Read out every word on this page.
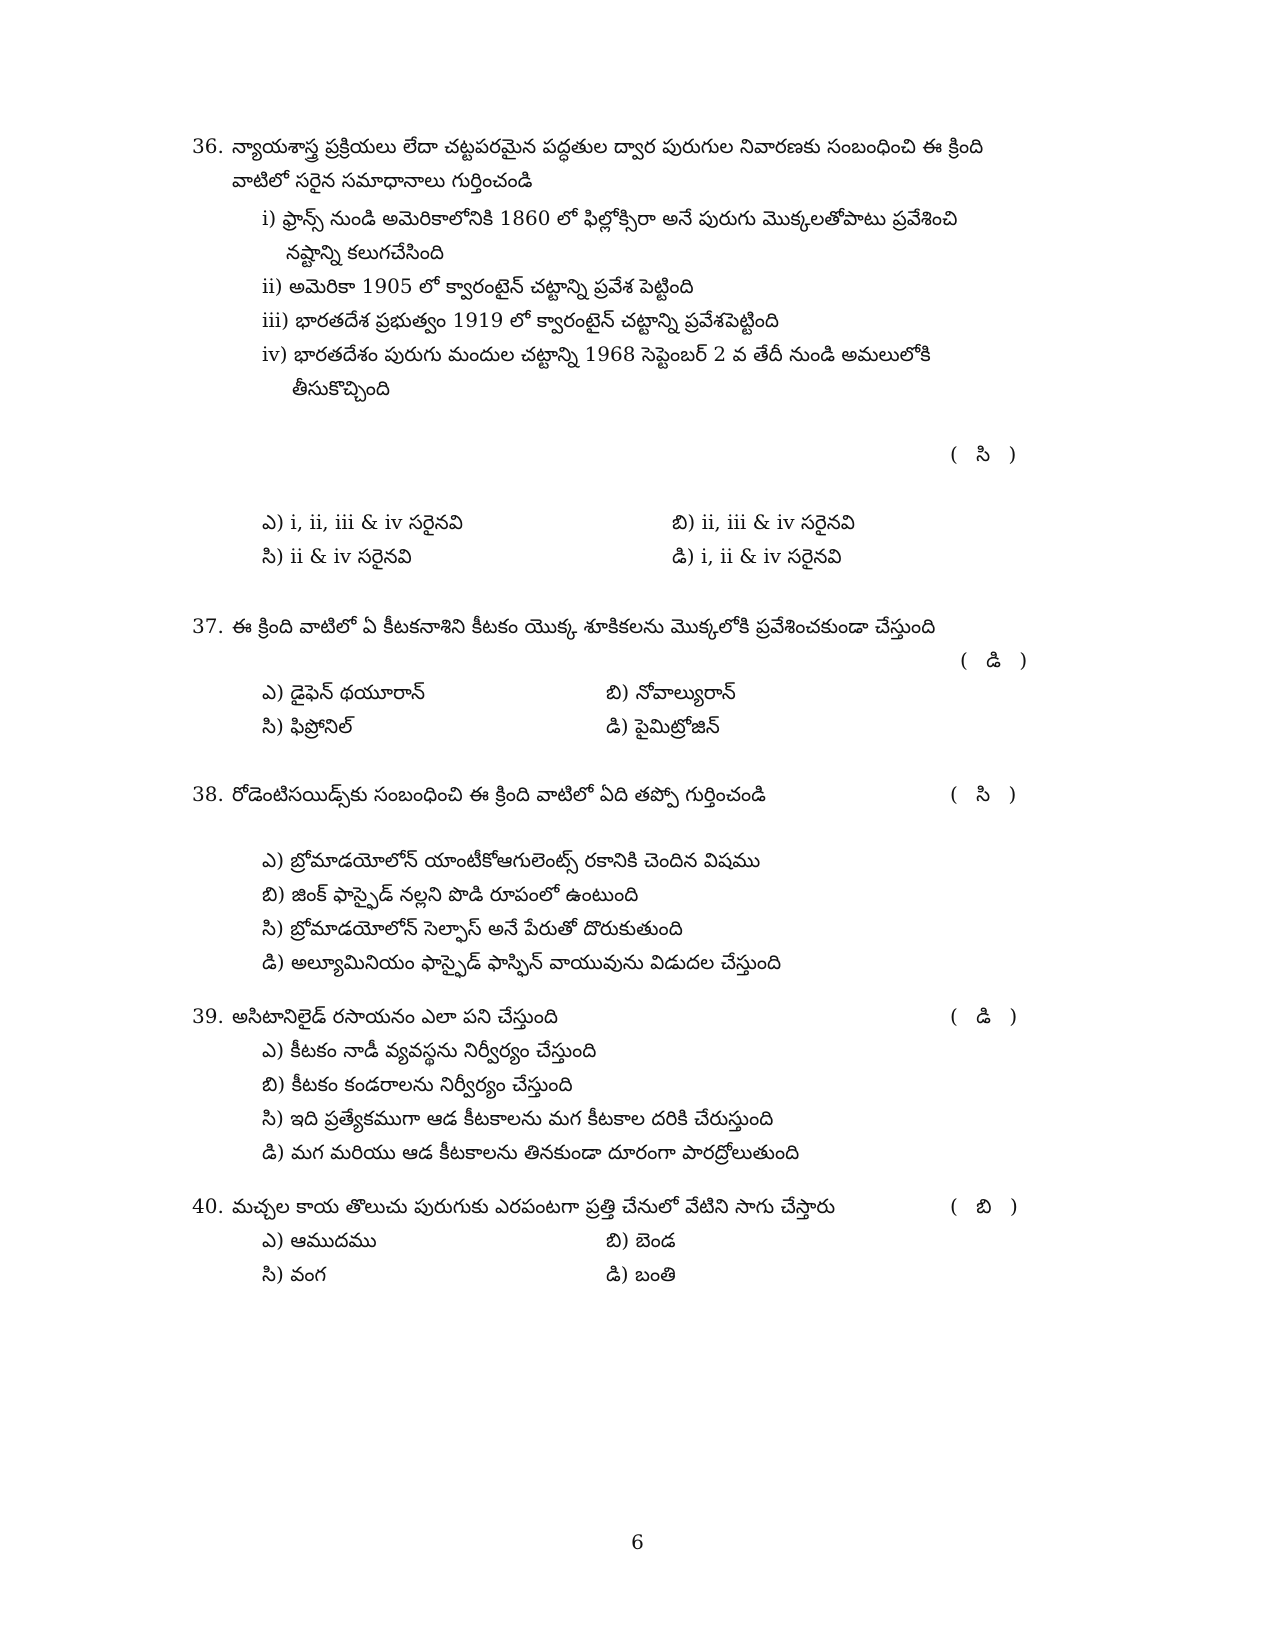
36. న్యాయశాస్త్ర ప్రక్రియలు లేదా చట్టపరమైన పద్ధతుల ద్వార పురుగుల నివారణకు సంబంధించి ఈ క్రింది
వాటిలో సరైన సమాధానాలు గుర్తించండి
i) ఫ్రాన్స్ నుండి అమెరికాలోనికి 1860 లో ఫిల్లోక్సిరా అనే పురుగు మొక్కలతోపాటు ప్రవేశించి
నష్టాన్ని కలుగచేసింది
ii) అమెరికా 1905 లో క్వారంటైన్ చట్టాన్ని ప్రవేశ పెట్టింది
iii) భారతదేశ ప్రభుత్వం 1919 లో క్వారంటైన్ చట్టాన్ని ప్రవేశపెట్టింది
iv) భారతదేశం పురుగు మందుల చట్టాన్ని 1968 సెప్టెంబర్ 2 వ తేదీ నుండి అమలులోకి
తీసుకొచ్చింది
( సి )
ఎ) i, ii, iii & iv సరైనవి	బి) ii, iii & iv సరైనవి
సి) ii & iv సరైనవి	డి) i, ii & iv సరైనవి
37. ఈ క్రింది వాటిలో ఏ కీటకనాశిని కీటకం యొక్క శూకికలను మొక్కలోకి ప్రవేశించకుండా చేస్తుంది
( డి )
ఎ) డైఫెన్ థయూరాన్	బి) నోవాల్యురాన్
సి) ఫిప్రోనిల్	డి) పైమిట్రోజిన్
38. రోడెంటిసయిడ్స్‌కు సంబంధించి ఈ క్రింది వాటిలో ఏది తప్పో గుర్తించండి	( సి )
ఎ) బ్రోమాడయోలోన్ యాంటీకోఆగులెంట్స్ రకానికి చెందిన విషము
బి) జింక్ ఫాస్ఫైడ్ నల్లని పొడి రూపంలో ఉంటుంది
సి) బ్రోమాడయోలోన్ సెల్ఫాస్ అనే పేరుతో దొరుకుతుంది
డి) అల్యూమినియం ఫాస్ఫైడ్ ఫాస్ఫిన్ వాయువును విడుదల చేస్తుంది
39. అసిటానిలైడ్ రసాయనం ఎలా పని చేస్తుంది	( డి )
ఎ) కీటకం నాడీ వ్యవస్థను నిర్వీర్యం చేస్తుంది
బి) కీటకం కండరాలను నిర్వీర్యం చేస్తుంది
సి) ఇది ప్రత్యేకముగా ఆడ కీటకాలను మగ కీటకాల దరికి చేరుస్తుంది
డి) మగ మరియు ఆడ కీటకాలను తినకుండా దూరంగా పారద్రోలుతుంది
40. మచ్చల కాయ తొలుచు పురుగుకు ఎరపంటగా ప్రత్తి చేనులో వేటిని సాగు చేస్తారు	( బి )
ఎ) ఆముదము	బి) బెండ
సి) వంగ	డి) బంతి
6
